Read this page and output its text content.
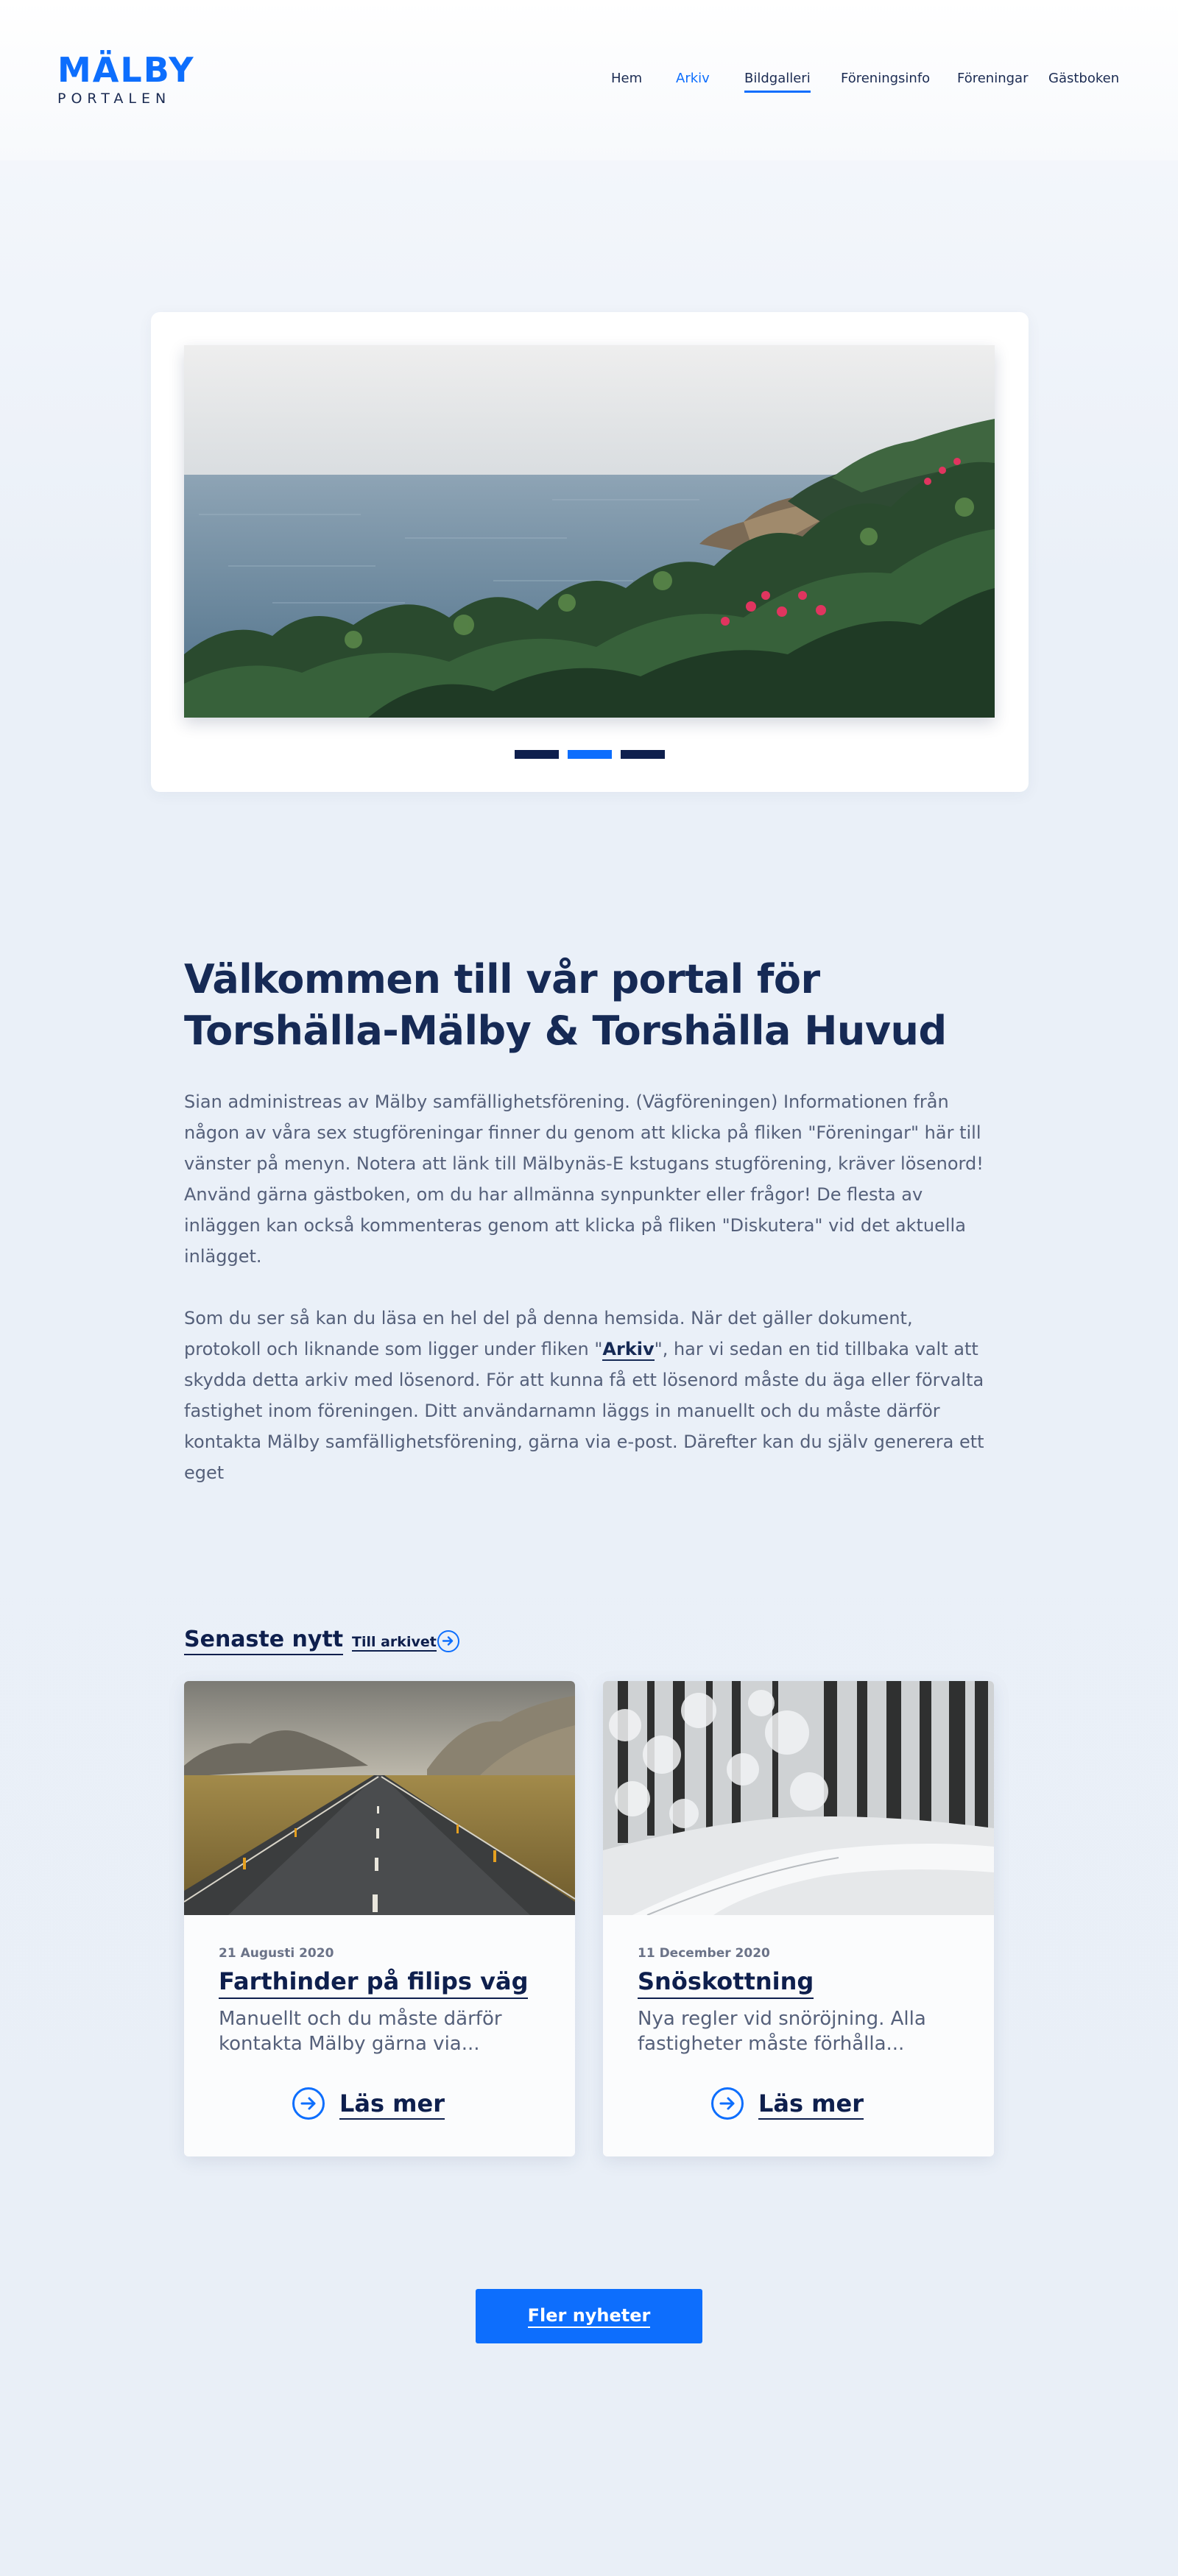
MÄLBY
PORTALEN
Hem	Arkiv	Bildgalleri Föreningsinfo Föreningar Gästboken
Välkommen till vår portal för
Torshälla-Mälby & Torshälla Huvud

Sian administreas av Mälby samfällighetsförening. (Vägföreningen) Informationen från någon av våra sex stugföreningar finner du genom att klicka på fliken "Föreningar" här till vänster på menyn. Notera att länk till Mälbynäs-E kstugans stugförening, kräver lösenord! Använd gärna gästboken, om du har allmänna synpunkter eller frågor! De flesta av inläggen kan också kommenteras genom att klicka på fliken "Diskutera" vid det aktuella inlägget.

Som du ser så kan du läsa en hel del på denna hemsida. När det gäller dokument, protokoll och liknande som ligger under fliken "Arkiv", har vi sedan en tid tillbaka valt att skydda detta arkiv med lösenord. För att kunna få ett lösenord måste du äga eller förvalta fastighet inom föreningen. Ditt användarnamn läggs in manuellt och du måste därför kontakta Mälby samfällighetsförening, gärna via e-post. Därefter kan du själv generera ett eget

Senaste nytt Till arkivet
21 Augusti 2020
Farthinder på filips väg

Manuellt och du måste därför kontakta Mälby gärna via...

Läs mer
11 December 2020
Snöskottning

Nya regler vid snöröjning. Alla fastigheter måste förhålla...

Läs mer
Fler nyheter
